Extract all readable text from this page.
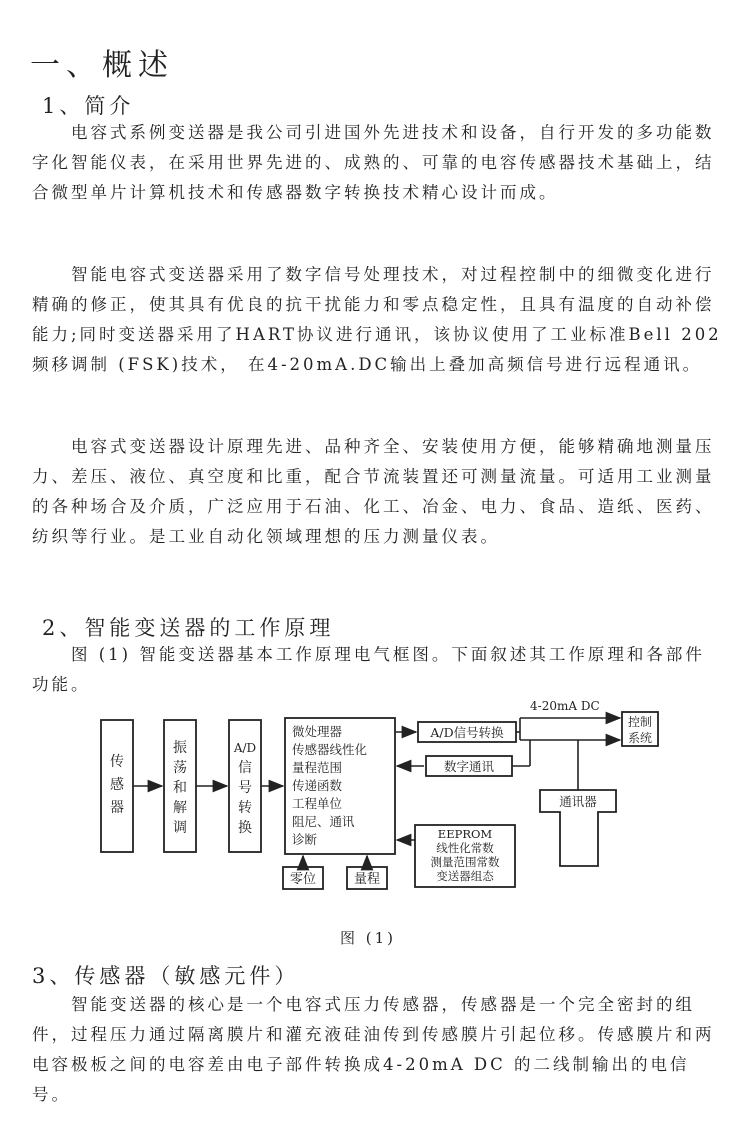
一、概述
1、简介

　　电容式系例变送器是我公司引进国外先进技术和设备，自行开发的多功能数字化智能仪表，在采用世界先进的、成熟的、可靠的电容传感器技术基础上，结合微型单片计算机技术和传感器数字转换技术精心设计而成。

　　智能电容式变送器采用了数字信号处理技术，对过程控制中的细微变化进行精确的修正，使其具有优良的抗干扰能力和零点稳定性，且具有温度的自动补偿能力;同时变送器采用了HART协议进行通讯，该协议使用了工业标准Bell 202 频移调制 (FSK)技术， 在4-20mA.DC输出上叠加高频信号进行远程通讯。

　　电容式变送器设计原理先进、品种齐全、安装使用方便，能够精确地测量压力、差压、液位、真空度和比重，配合节流装置还可测量流量。可适用工业测量的各种场合及介质，广泛应用于石油、化工、冶金、电力、食品、造纸、医药、纺织等行业。是工业自动化领域理想的压力测量仪表。

2、智能变送器的工作原理

　　图 (1) 智能变送器基本工作原理电气框图。下面叙述其工作原理和各部件功能。

传
感
器
振
荡
和
解
调
A/D
信
号
转
换
微处理器
传感器线性化
量程范围
传递函数
工程单位
阻尼、通讯
诊断
A/D信号转换
数字通讯
4-20mA DC
控制
系统
通讯器
EEPROM
线性化常数
测量范围常数
变送器组态
零位	量程
图 (1)
3、传感器（敏感元件）

　　智能变送器的核心是一个电容式压力传感器，传感器是一个完全密封的组件，过程压力通过隔离膜片和灌充液硅油传到传感膜片引起位移。传感膜片和两电容极板之间的电容差由电子部件转换成4-20mA DC 的二线制输出的电信号。
